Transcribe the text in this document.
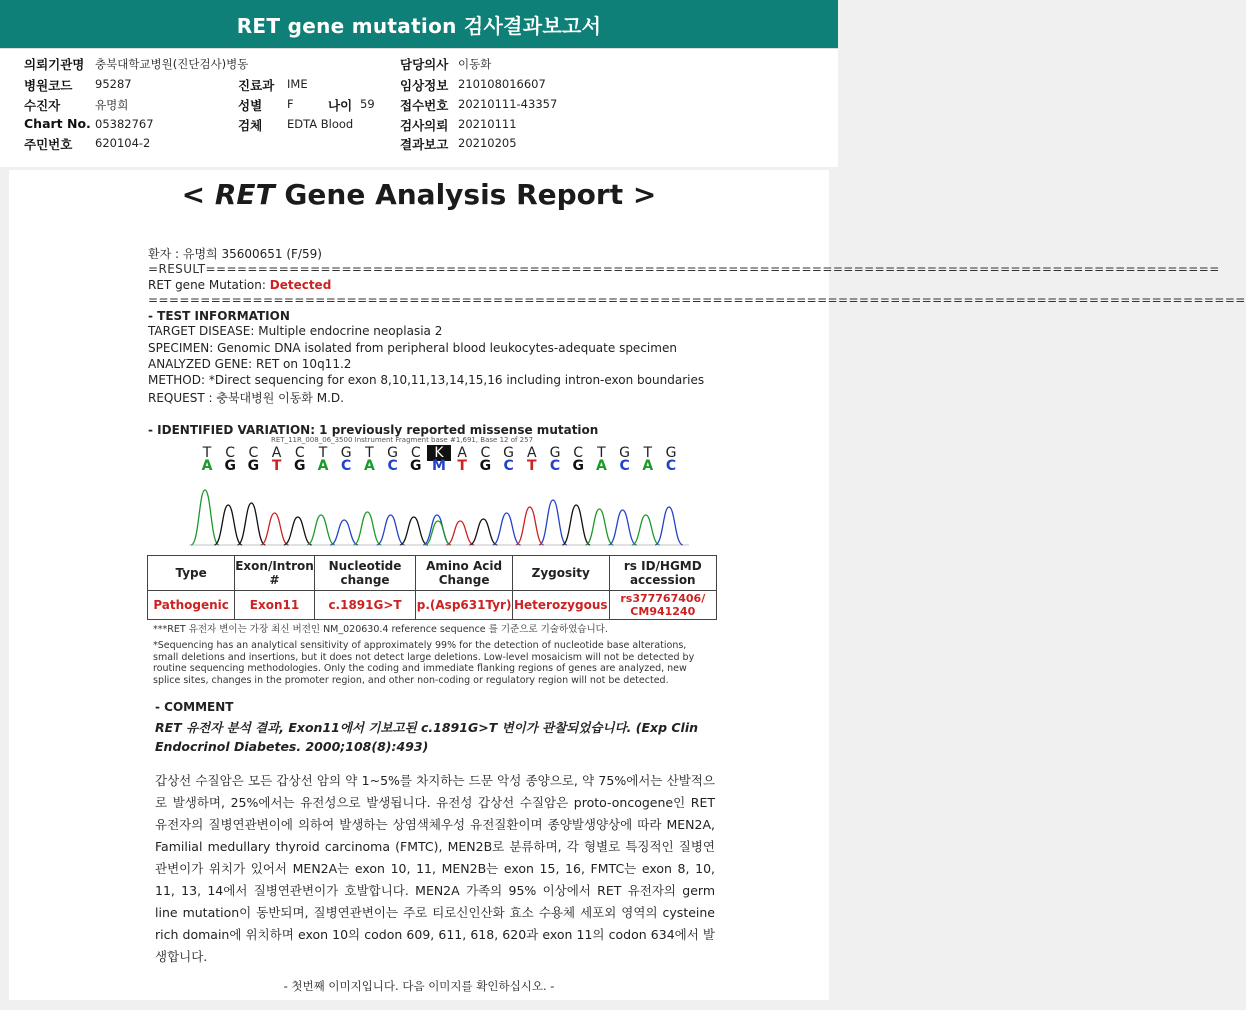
RET gene mutation 검사결과보고서
의뢰기관명 충북대학교병원(진단검사)병동
병원코드 95287
수진자	유명희
Chart No. 05382767
주민번호 620104-2
진료과 IME
성별 F	나이 59
검체 EDTA Blood
담당의사 이동화
임상정보 210108016607
접수번호 20210111-43357
검사의뢰 20210111
결과보고 20210205
< RET Gene Analysis Report >
환자 : 유명희 35600651 (F/59)
=RESULT=================================================================================================
RET gene Mutation: Detected
=========================================================================================================
- TEST INFORMATION
TARGET DISEASE: Multiple endocrine neoplasia 2
SPECIMEN: Genomic DNA isolated from peripheral blood leukocytes-adequate specimen
ANALYZED GENE: RET on 10q11.2
METHOD: *Direct sequencing for exon 8,10,11,13,14,15,16 including intron-exon boundaries
REQUEST : 충북대병원 이동화 M.D.
- IDENTIFIED VARIATION: 1 previously reported missense mutation
RET_11R_008_06_3500 Instrument Fragment base #1,691, Base 12 of 257
T	C C A C	T G T G C K A C G A G C	T G T G
A G G T G A C A C G M T G C T C G A C A C
Type	Exon/Intron #	Nucleotide change	Amino Acid Change	Zygosity	rs ID/HGMD accession
Pathogenic	Exon11	c.1891G>T	p.(Asp631Tyr)	Heterozygous	rs377767406/ CM941240
***RET 유전자 변이는 가장 최신 버전인 NM_020630.4 reference sequence 를 기준으로 기술하였습니다.
*Sequencing has an analytical sensitivity of approximately 99% for the detection of nucleotide base alterations, small deletions and insertions, but it does not detect large deletions. Low-level mosaicism will not be detected by routine sequencing methodologies. Only the coding and immediate flanking regions of genes are analyzed, new splice sites, changes in the promoter region, and other non-coding or regulatory region will not be detected.
- COMMENT
RET 유전자 분석 결과, Exon11에서 기보고된 c.1891G>T 변이가 관찰되었습니다. (Exp Clin Endocrinol Diabetes. 2000;108(8):493)
갑상선 수질암은 모든 갑상선 암의 약 1~5%를 차지하는 드문 악성 종양으로, 약 75%에서는 산발적으로 발생하며, 25%에서는 유전성으로 발생됩니다. 유전성 갑상선 수질암은 proto-oncogene인 RET 유전자의 질병연관변이에 의하여 발생하는 상염색체우성 유전질환이며 종양발생양상에 따라 MEN2A, Familial medullary thyroid carcinoma (FMTC), MEN2B로 분류하며, 각 형별로 특징적인 질병연관변이가 위치가 있어서 MEN2A는 exon 10, 11, MEN2B는 exon 15, 16, FMTC는 exon 8, 10, 11, 13, 14에서 질병연관변이가 호발합니다. MEN2A 가족의 95% 이상에서 RET 유전자의 germ line mutation이 동반되며, 질병연관변이는 주로 티로신인산화 효소 수용체 세포외 영역의 cysteine rich domain에 위치하며 exon 10의 codon 609, 611, 618, 620과 exon 11의 codon 634에서 발생합니다.
- 첫번째 이미지입니다. 다음 이미지를 확인하십시오. -
